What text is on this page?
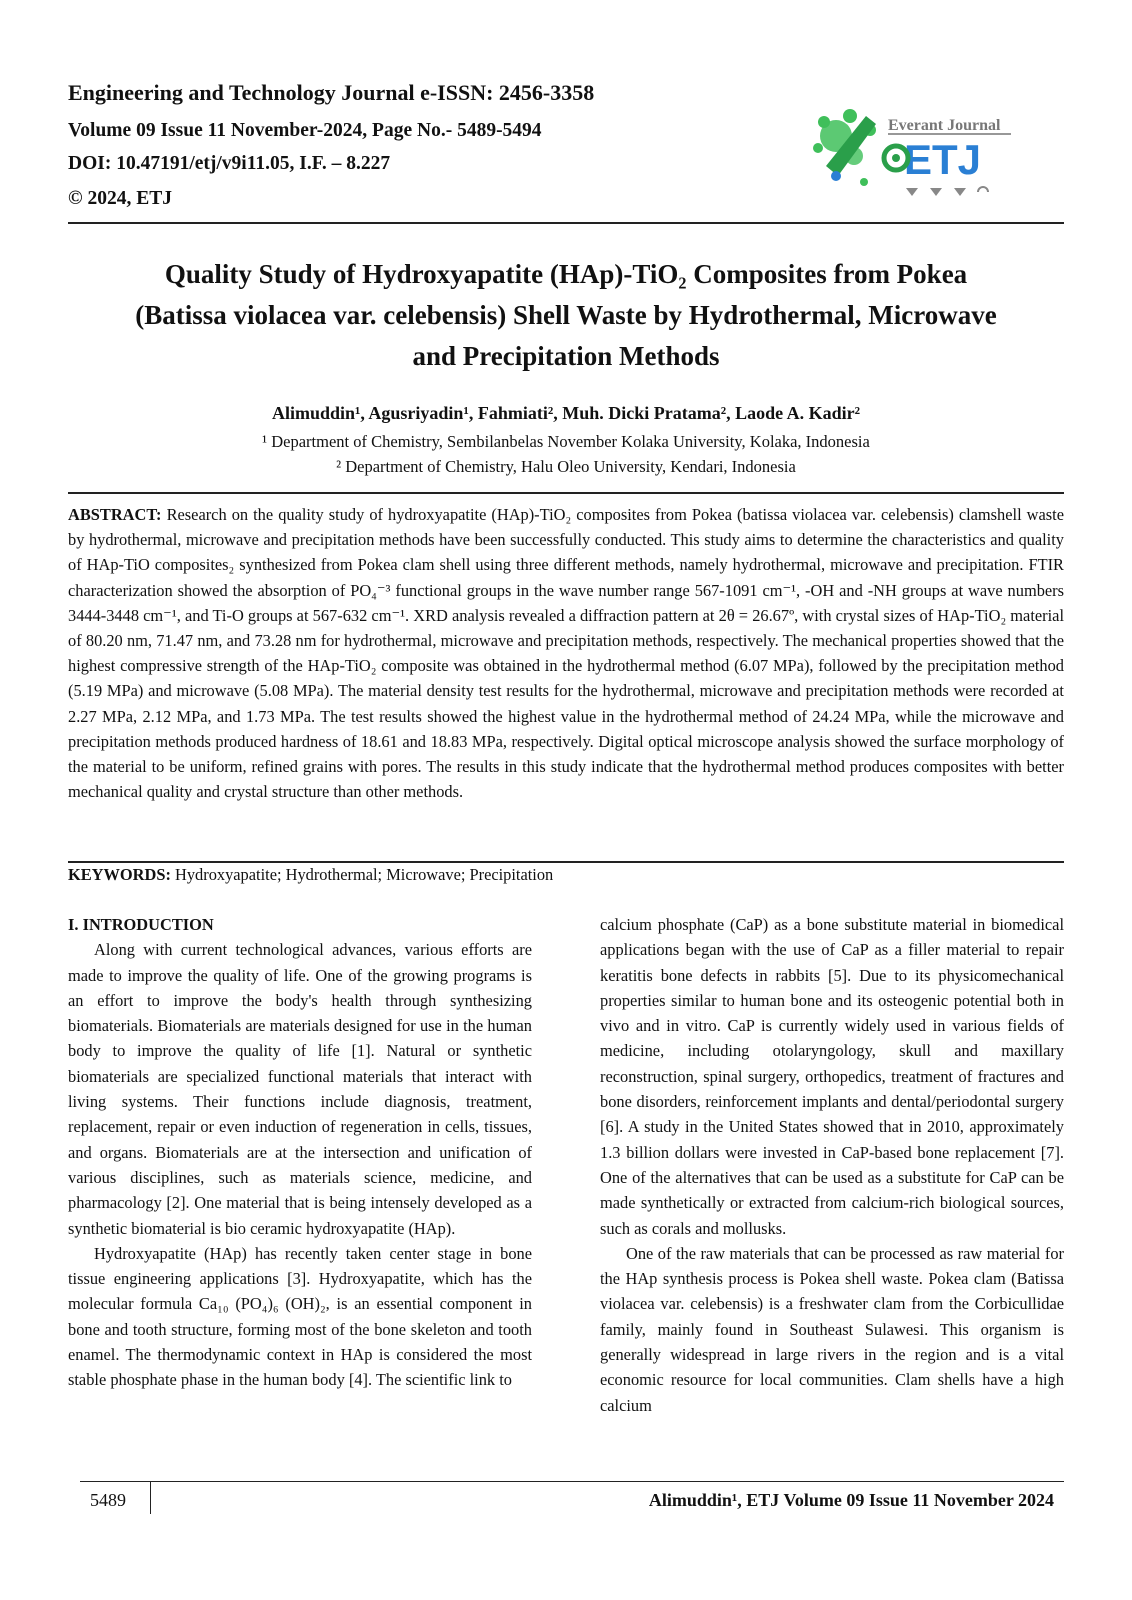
Engineering and Technology Journal e-ISSN: 2456-3358
Volume 09 Issue 11 November-2024, Page No.- 5489-5494
DOI: 10.47191/etj/v9i11.05, I.F. – 8.227
© 2024, ETJ
Everant Journal
ETJ
Quality Study of Hydroxyapatite (HAp)-TiO₂ Composites from Pokea
(Batissa violacea var. celebensis) Shell Waste by Hydrothermal, Microwave
and Precipitation Methods
Alimuddin¹, Agusriyadin¹, Fahmiati², Muh. Dicki Pratama², Laode A. Kadir²
¹ Department of Chemistry, Sembilanbelas November Kolaka University, Kolaka, Indonesia
² Department of Chemistry, Halu Oleo University, Kendari, Indonesia

ABSTRACT: Research on the quality study of hydroxyapatite (HAp)-TiO₂ composites from Pokea (batissa violacea var. celebensis) clamshell waste by hydrothermal, microwave and precipitation methods have been successfully conducted. This study aims to determine the characteristics and quality of HAp-TiO composites₂ synthesized from Pokea clam shell using three different methods, namely hydrothermal, microwave and precipitation. FTIR characterization showed the absorption of PO₄⁻³ functional groups in the wave number range 567-1091 cm⁻¹, -OH and -NH groups at wave numbers 3444-3448 cm⁻¹, and Ti-O groups at 567-632 cm⁻¹. XRD analysis revealed a diffraction pattern at 2θ = 26.67º, with crystal sizes of HAp-TiO₂ material of 80.20 nm, 71.47 nm, and 73.28 nm for hydrothermal, microwave and precipitation methods, respectively. The mechanical properties showed that the highest compressive strength of the HAp-TiO₂ composite was obtained in the hydrothermal method (6.07 MPa), followed by the precipitation method (5.19 MPa) and microwave (5.08 MPa). The material density test results for the hydrothermal, microwave and precipitation methods were recorded at 2.27 MPa, 2.12 MPa, and 1.73 MPa. The test results showed the highest value in the hydrothermal method of 24.24 MPa, while the microwave and precipitation methods produced hardness of 18.61 and 18.83 MPa, respectively. Digital optical microscope analysis showed the surface morphology of the material to be uniform, refined grains with pores. The results in this study indicate that the hydrothermal method produces composites with better mechanical quality and crystal structure than other methods.

KEYWORDS: Hydroxyapatite; Hydrothermal; Microwave; Precipitation

I. INTRODUCTION

Along with current technological advances, various efforts are made to improve the quality of life. One of the growing programs is an effort to improve the body's health through synthesizing biomaterials. Biomaterials are materials designed for use in the human body to improve the quality of life [1]. Natural or synthetic biomaterials are specialized functional materials that interact with living systems. Their functions include diagnosis, treatment, replacement, repair or even induction of regeneration in cells, tissues, and organs. Biomaterials are at the intersection and unification of various disciplines, such as materials science, medicine, and pharmacology [2]. One material that is being intensely developed as a synthetic biomaterial is bio ceramic hydroxyapatite (HAp).

Hydroxyapatite (HAp) has recently taken center stage in bone tissue engineering applications [3]. Hydroxyapatite, which has the molecular formula Ca₁₀ (PO₄)₆ (OH)₂, is an essential component in bone and tooth structure, forming most of the bone skeleton and tooth enamel. The thermodynamic context in HAp is considered the most stable phosphate phase in the human body [4]. The scientific link to

calcium phosphate (CaP) as a bone substitute material in biomedical applications began with the use of CaP as a filler material to repair keratitis bone defects in rabbits [5]. Due to its physicomechanical properties similar to human bone and its osteogenic potential both in vivo and in vitro. CaP is currently widely used in various fields of medicine, including otolaryngology, skull and maxillary reconstruction, spinal surgery, orthopedics, treatment of fractures and bone disorders, reinforcement implants and dental/periodontal surgery [6]. A study in the United States showed that in 2010, approximately 1.3 billion dollars were invested in CaP-based bone replacement [7]. One of the alternatives that can be used as a substitute for CaP can be made synthetically or extracted from calcium-rich biological sources, such as corals and mollusks.

One of the raw materials that can be processed as raw material for the HAp synthesis process is Pokea shell waste. Pokea clam (Batissa violacea var. celebensis) is a freshwater clam from the Corbicullidae family, mainly found in Southeast Sulawesi. This organism is generally widespread in large rivers in the region and is a vital economic resource for local communities. Clam shells have a high calcium

5489	Alimuddin¹, ETJ Volume 09 Issue 11 November 2024
